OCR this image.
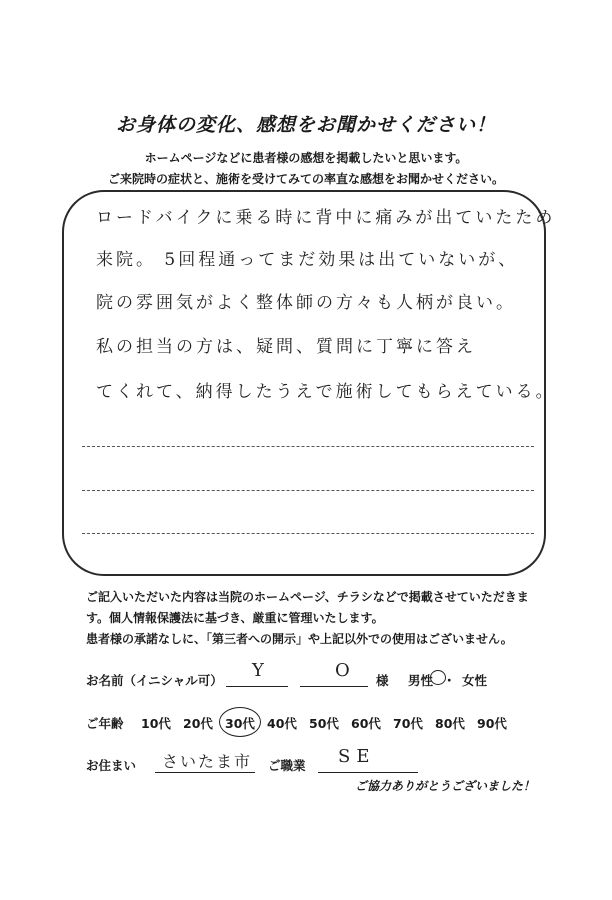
お身体の変化、感想をお聞かせください！
ホームページなどに患者様の感想を掲載したいと思います。
ご来院時の症状と、施術を受けてみての率直な感想をお聞かせください。
ロードバイクに乗る時に背中に痛みが出ていたため
来院。 5回程通ってまだ効果は出ていないが、
院の雰囲気がよく整体師の方々も人柄が良い。
私の担当の方は、疑問、質問に丁寧に答え
てくれて、納得したうえで施術してもらえている。
ご記入いただいた内容は当院のホームページ、チラシなどで掲載させていただきま
す。個人情報保護法に基づき、厳重に管理いたします。
患者様の承諾なしに、「第三者への開示」や上記以外での使用はございません。
お名前（イニシャル可） Y	O 様 男性 ・ 女性
ご年齢 10代 20代 30代 40代 50代 60代 70代 80代 90代
お住まい さいたま市 ご職業 SE
ご協力ありがとうございました！
